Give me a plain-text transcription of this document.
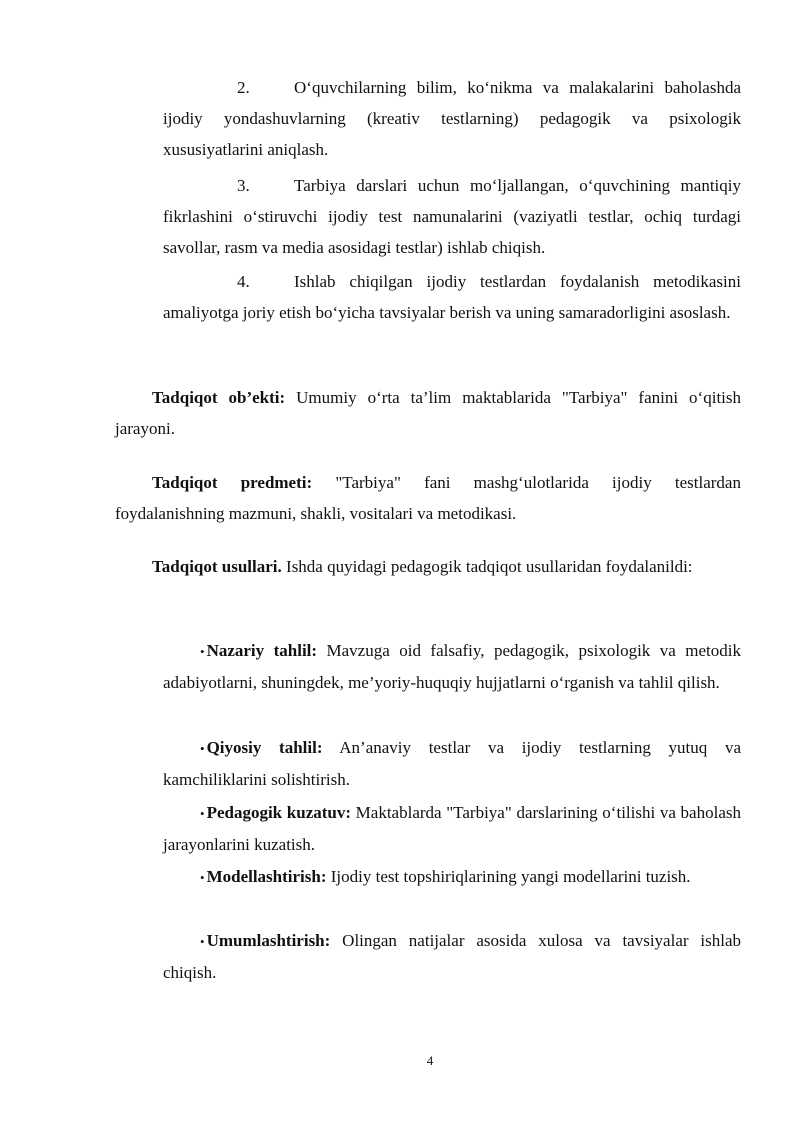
2.	O‘quvchilarning bilim, ko‘nikma va malakalarini baholashda ijodiy yondashuvlarning (kreativ testlarning) pedagogik va psixologik xususiyatlarini aniqlash.

3.	Tarbiya darslari uchun mo‘ljallangan, o‘quvchining mantiqiy fikrlashini o‘stiruvchi ijodiy test namunalarini (vaziyatli testlar, ochiq turdagi savollar, rasm va media asosidagi testlar) ishlab chiqish.

4.	Ishlab chiqilgan ijodiy testlardan foydalanish metodikasini amaliyotga joriy etish bo‘yicha tavsiyalar berish va uning samaradorligini asoslash.

Tadqiqot ob’ekti: Umumiy o‘rta ta’lim maktablarida "Tarbiya" fanini o‘qitish jarayoni.

Tadqiqot predmeti: "Tarbiya" fani mashg‘ulotlarida ijodiy testlardan foydalanishning mazmuni, shakli, vositalari va metodikasi.

Tadqiqot usullari. Ishda quyidagi pedagogik tadqiqot usullaridan foydalanildi:

• Nazariy tahlil: Mavzuga oid falsafiy, pedagogik, psixologik va metodik adabiyotlarni, shuningdek, me’yoriy-huquqiy hujjatlarni o‘rganish va tahlil qilish.

• Qiyosiy tahlil: An’anaviy testlar va ijodiy testlarning yutuq va kamchiliklarini solishtirish.

• Pedagogik kuzatuv: Maktablarda "Tarbiya" darslarining o‘tilishi va baholash jarayonlarini kuzatish.

• Modellashtirish: Ijodiy test topshiriqlarining yangi modellarini tuzish.

• Umumlashtirish: Olingan natijalar asosida xulosa va tavsiyalar ishlab chiqish.

4
